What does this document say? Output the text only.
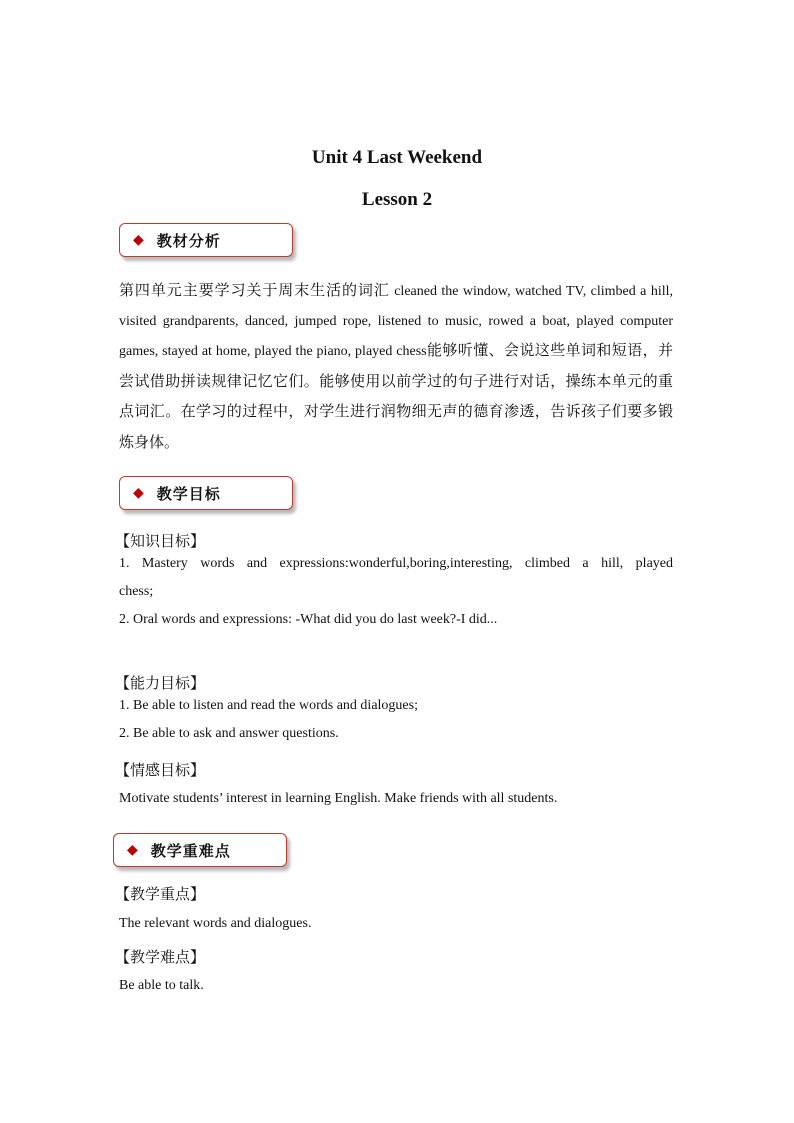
Unit 4 Last Weekend
Lesson 2
◆ 教材分析

第四单元主要学习关于周末生活的词汇 cleaned the window, watched TV, climbed a hill, visited grandparents, danced, jumped rope, listened to music, rowed a boat, played computer games, stayed at home, played the piano, played chess能够听懂、会说这些单词和短语，并尝试借助拼读规律记忆它们。能够使用以前学过的句子进行对话，操练本单元的重点词汇。在学习的过程中，对学生进行润物细无声的德育渗透，告诉孩子们要多锻炼身体。

◆ 教学目标
【知识目标】
1. Mastery words and expressions:wonderful,boring,interesting, climbed a hill, played
chess;
2. Oral words and expressions: -What did you do last week?-I did...
【能力目标】
1. Be able to listen and read the words and dialogues;
2. Be able to ask and answer questions.
【情感目标】
Motivate students’ interest in learning English. Make friends with all students.
◆ 教学重难点
【教学重点】
The relevant words and dialogues.
【教学难点】
Be able to talk.
